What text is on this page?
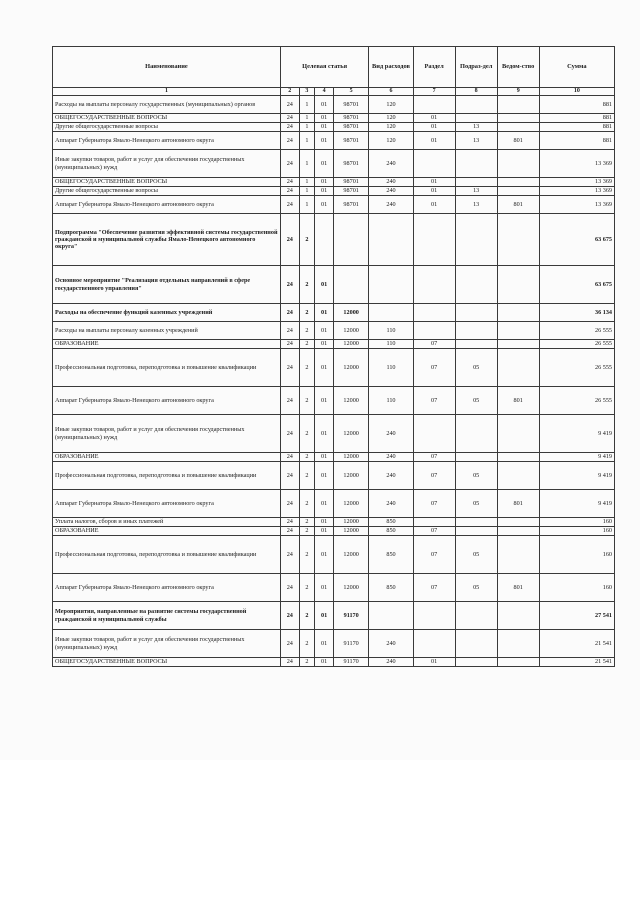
Наименование	Целевая статья				Вид расходов	Раздел	Подраз-дел	Ведом-ство	Сумма
1	2	3	4	5	6	7	8	9	10
Расходы на выплаты персоналу государственных (муниципальных) органов	24	1	01	98701	120				881
ОБЩЕГОСУДАРСТВЕННЫЕ ВОПРОСЫ	24	1	01	98701	120	01			881
Другие общегосударственные вопросы	24	1	01	98701	120	01	13		881
Аппарат Губернатора Ямало-Ненецкого автономного округа	24	1	01	98701	120	01	13	801	881
Иные закупки товаров, работ и услуг для обеспечения государственных (муниципальных) нужд	24	1	01	98701	240				13 369
ОБЩЕГОСУДАРСТВЕННЫЕ ВОПРОСЫ	24	1	01	98701	240	01			13 369
Другие общегосударственные вопросы	24	1	01	98701	240	01	13		13 369
Аппарат Губернатора Ямало-Ненецкого автономного округа	24	1	01	98701	240	01	13	801	13 369
Подпрограмма "Обеспечение развития эффективной системы государственной гражданской и муниципальной службы Ямало-Ненецкого автономного округа"	24	2							63 675
Основное мероприятие "Реализация отдельных направлений в сфере государственного управления"	24	2	01						63 675
Расходы на обеспечение функций казенных учреждений	24	2	01	12000					36 134
Расходы на выплаты персоналу казенных учреждений	24	2	01	12000	110				26 555
ОБРАЗОВАНИЕ	24	2	01	12000	110	07			26 555
Профессиональная подготовка, переподготовка и повышение квалификации	24	2	01	12000	110	07	05		26 555
Аппарат Губернатора Ямало-Ненецкого автономного округа	24	2	01	12000	110	07	05	801	26 555
Иные закупки товаров, работ и услуг для обеспечения государственных (муниципальных) нужд	24	2	01	12000	240				9 419
ОБРАЗОВАНИЕ	24	2	01	12000	240	07			9 419
Профессиональная подготовка, переподготовка и повышение квалификации	24	2	01	12000	240	07	05		9 419
Аппарат Губернатора Ямало-Ненецкого автономного округа	24	2	01	12000	240	07	05	801	9 419
Уплата налогов, сборов и иных платежей	24	2	01	12000	850				160
ОБРАЗОВАНИЕ	24	2	01	12000	850	07			160
Профессиональная подготовка, переподготовка и повышение квалификации	24	2	01	12000	850	07	05		160
Аппарат Губернатора Ямало-Ненецкого автономного округа	24	2	01	12000	850	07	05	801	160
Мероприятия, направленные на развитие системы государственной гражданской и муниципальной службы	24	2	01	91170					27 541
Иные закупки товаров, работ и услуг для обеспечения государственных (муниципальных) нужд	24	2	01	91170	240				21 541
ОБЩЕГОСУДАРСТВЕННЫЕ ВОПРОСЫ	24	2	01	91170	240	01			21 541
